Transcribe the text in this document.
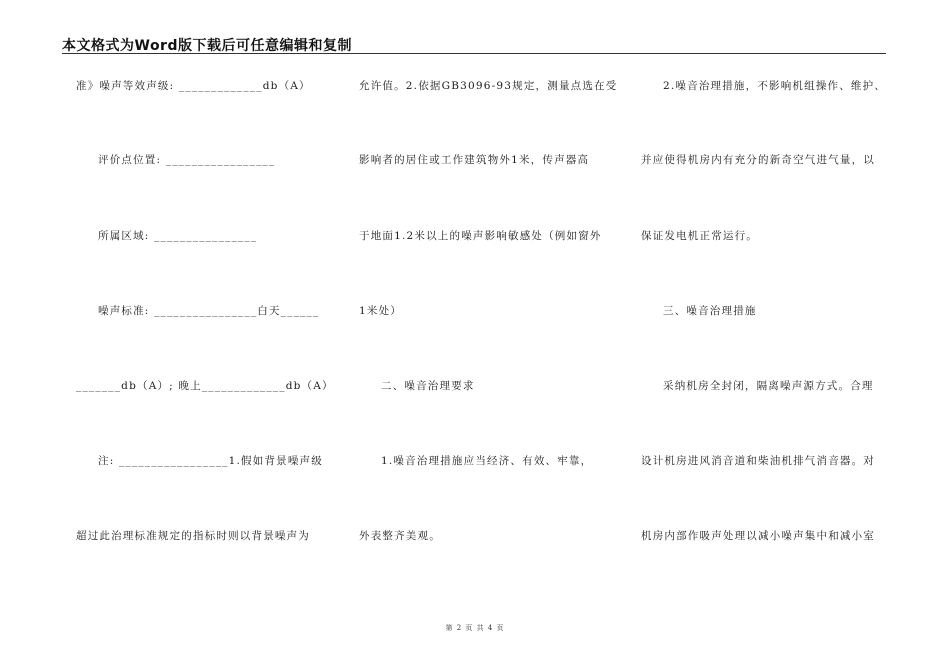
本文格式为Word版下载后可任意编辑和复制
准》噪声等效声级: _____________db（A）
评价点位置: _________________
所属区域: ________________
噪声标准: ________________白天______
_______db（A）; 晚上_____________db（A）
注: _________________1.假如背景噪声级
超过此治理标准规定的指标时则以背景噪声为
允许值。2.依据GB3096-93规定，测量点选在受
影响者的居住或工作建筑物外1米，传声器高
于地面1.2米以上的噪声影响敏感处（例如窗外
1米处）
二、噪音治理要求
1.噪音治理措施应当经济、有效、牢靠，
外表整齐美观。
2.噪音治理措施，不影响机组操作、维护、
并应使得机房内有充分的新奇空气进气量，以
保证发电机正常运行。
三、噪音治理措施
采纳机房全封闭，隔离噪声源方式。合理
设计机房进风消音道和柴油机排气消音器。对
机房内部作吸声处理以减小噪声集中和减小室
第 2 页 共 4 页
